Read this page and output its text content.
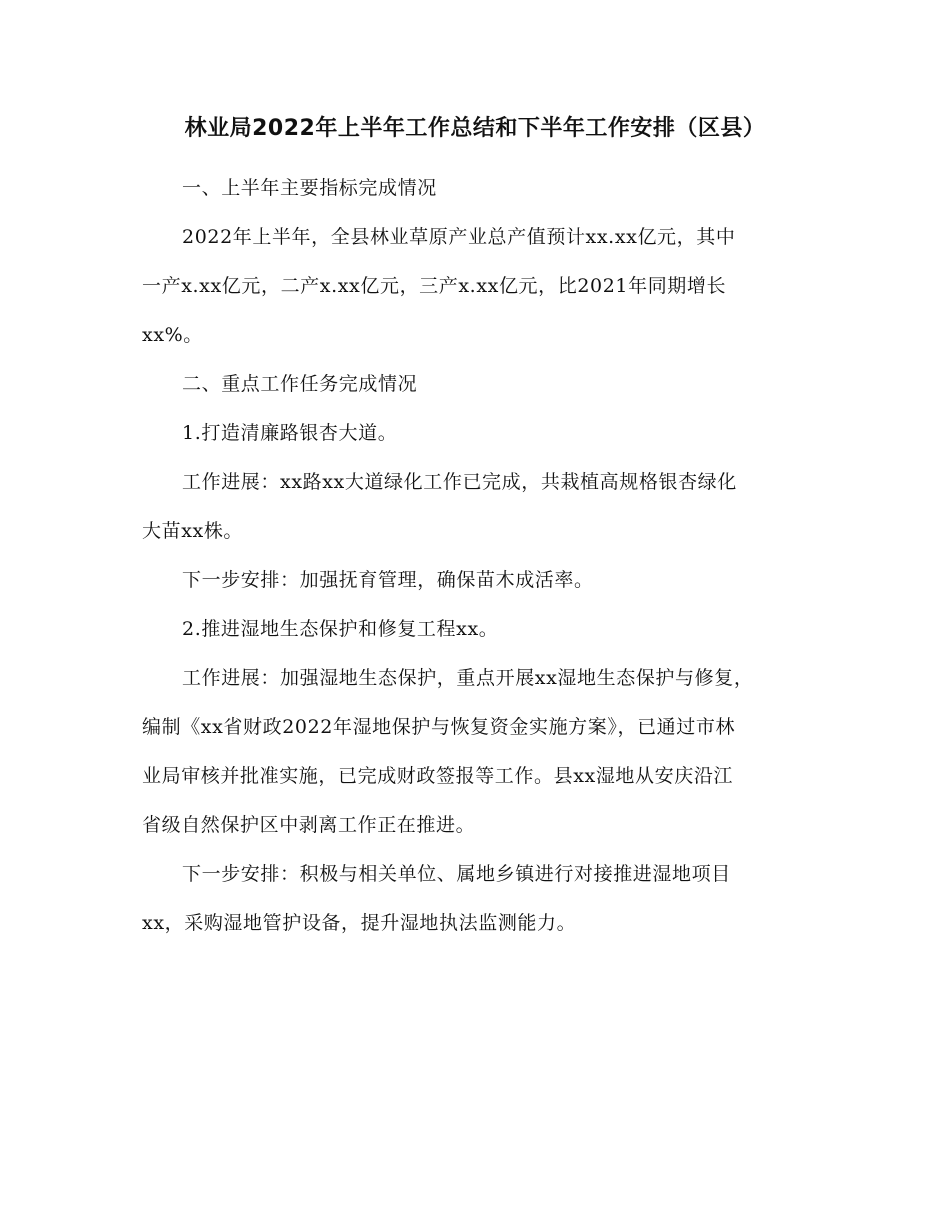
林业局2022年上半年工作总结和下半年工作安排（区县）

一、上半年主要指标完成情况

2022年上半年，全县林业草原产业总产值预计xx.xx亿元，其中
一产x.xx亿元，二产x.xx亿元，三产x.xx亿元，比2021年同期增长
xx%。

二、重点工作任务完成情况

1.打造清廉路银杏大道。

工作进展：xx路xx大道绿化工作已完成，共栽植高规格银杏绿化
大苗xx株。

下一步安排：加强抚育管理，确保苗木成活率。

2.推进湿地生态保护和修复工程xx。

工作进展：加强湿地生态保护，重点开展xx湿地生态保护与修复，
编制《xx省财政2022年湿地保护与恢复资金实施方案》，已通过市林
业局审核并批准实施，已完成财政签报等工作。县xx湿地从安庆沿江
省级自然保护区中剥离工作正在推进。

下一步安排：积极与相关单位、属地乡镇进行对接推进湿地项目
xx，采购湿地管护设备，提升湿地执法监测能力。
